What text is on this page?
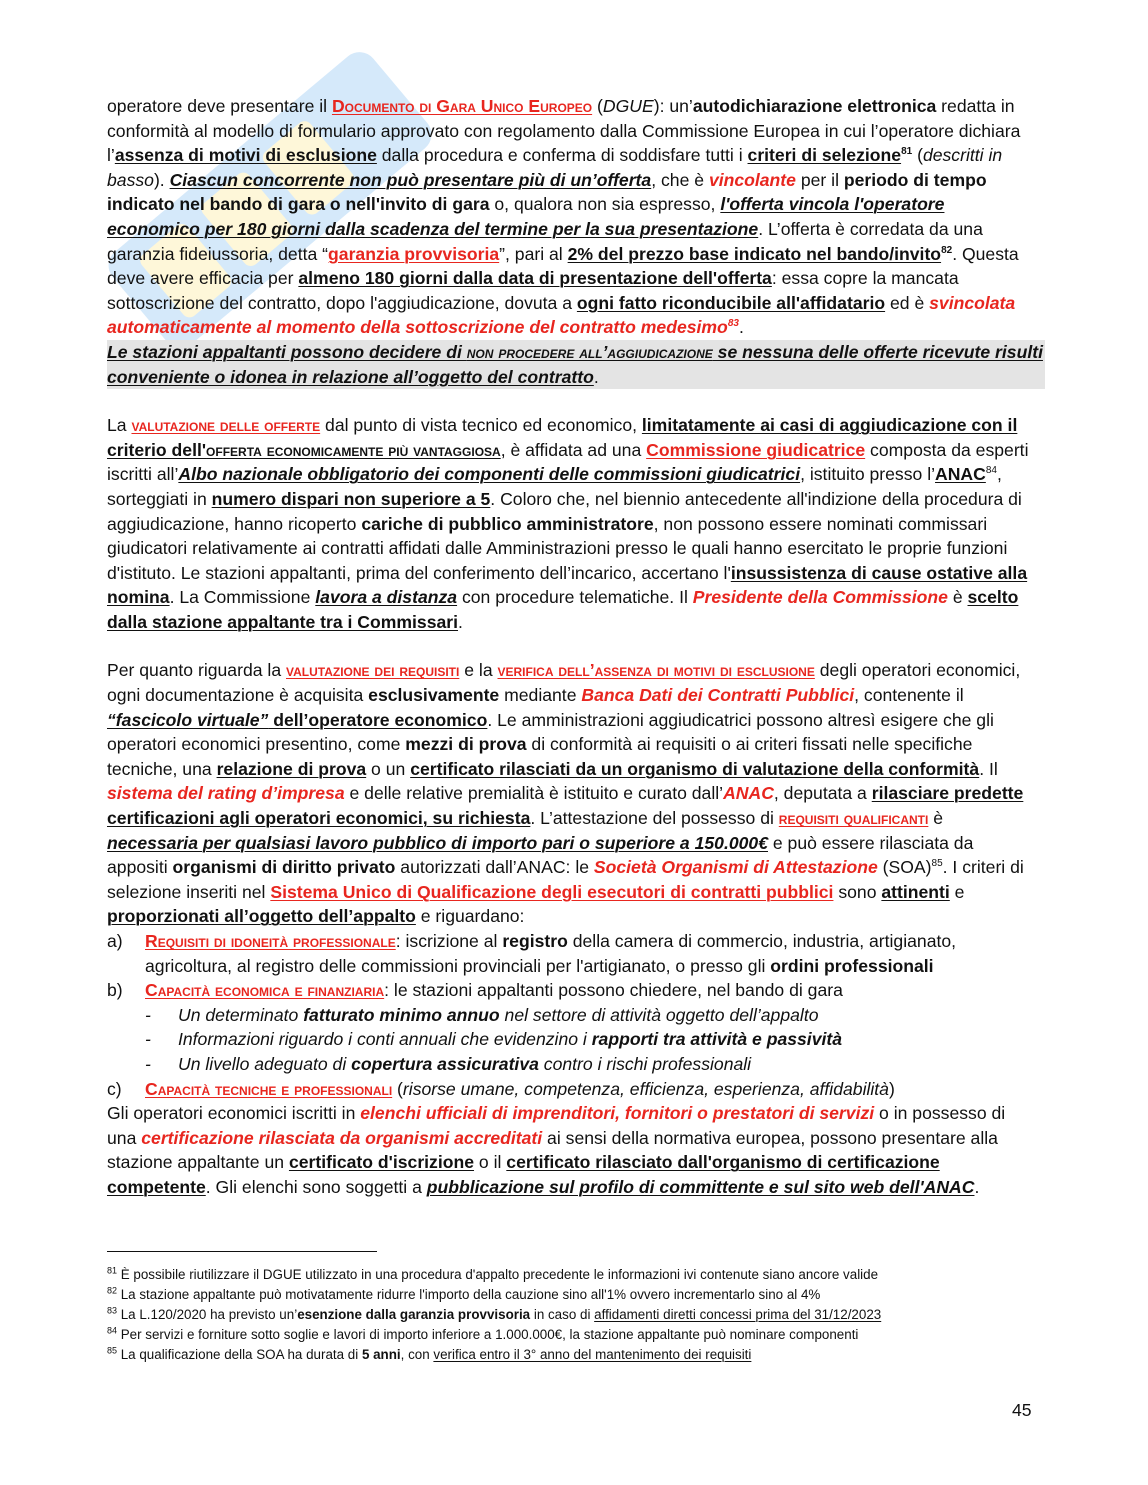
operatore deve presentare il Documento di Gara Unico Europeo (DGUE): un’autodichiarazione elettronica redatta in conformità al modello di formulario approvato con regolamento dalla Commissione Europea in cui l’operatore dichiara l’assenza di motivi di esclusione dalla procedura e conferma di soddisfare tutti i criteri di selezione$^{81}$ (descritti in basso). Ciascun concorrente non può presentare più di un’offerta, che è vincolante per il periodo di tempo indicato nel bando di gara o nell'invito di gara o, qualora non sia espresso, l'offerta vincola l'operatore economico per 180 giorni dalla scadenza del termine per la sua presentazione. L’offerta è corredata da una garanzia fideiussoria, detta “garanzia provvisoria”, pari al 2% del prezzo base indicato nel bando/invito$^{82}$. Questa deve avere efficacia per almeno 180 giorni dalla data di presentazione dell'offerta: essa copre la mancata sottoscrizione del contratto, dopo l'aggiudicazione, dovuta a ogni fatto riconducibile all'affidatario ed è svincolata automaticamente al momento della sottoscrizione del contratto medesimo$^{83}$.

Le stazioni appaltanti possono decidere di non procedere all’aggiudicazione se nessuna delle offerte ricevute risulti conveniente o idonea in relazione all’oggetto del contratto.

La valutazione delle offerte dal punto di vista tecnico ed economico, limitatamente ai casi di aggiudicazione con il criterio dell'offerta economicamente più vantaggiosa, è affidata ad una Commissione giudicatrice composta da esperti iscritti all’Albo nazionale obbligatorio dei componenti delle commissioni giudicatrici, istituito presso l’ANAC$^{84}$, sorteggiati in numero dispari non superiore a 5. Coloro che, nel biennio antecedente all'indizione della procedura di aggiudicazione, hanno ricoperto cariche di pubblico amministratore, non possono essere nominati commissari giudicatori relativamente ai contratti affidati dalle Amministrazioni presso le quali hanno esercitato le proprie funzioni d'istituto. Le stazioni appaltanti, prima del conferimento dell’incarico, accertano l'insussistenza di cause ostative alla nomina. La Commissione lavora a distanza con procedure telematiche. Il Presidente della Commissione è scelto dalla stazione appaltante tra i Commissari.

Per quanto riguarda la valutazione dei requisiti e la verifica dell’assenza di motivi di esclusione degli operatori economici, ogni documentazione è acquisita esclusivamente mediante Banca Dati dei Contratti Pubblici, contenente il “fascicolo virtuale” dell’operatore economico. Le amministrazioni aggiudicatrici possono altresì esigere che gli operatori economici presentino, come mezzi di prova di conformità ai requisiti o ai criteri fissati nelle specifiche tecniche, una relazione di prova o un certificato rilasciati da un organismo di valutazione della conformità. Il sistema del rating d’impresa e delle relative premialità è istituito e curato dall’ANAC, deputata a rilasciare predette certificazioni agli operatori economici, su richiesta. L’attestazione del possesso di requisiti qualificanti è necessaria per qualsiasi lavoro pubblico di importo pari o superiore a 150.000€ e può essere rilasciata da appositi organismi di diritto privato autorizzati dall’ANAC: le Società Organismi di Attestazione (SOA)$^{85}$. I criteri di selezione inseriti nel Sistema Unico di Qualificazione degli esecutori di contratti pubblici sono attinenti e proporzionati all’oggetto dell’appalto e riguardano:

a)	Requisiti di idoneità professionale: iscrizione al registro della camera di commercio, industria, artigianato, agricoltura, al registro delle commissioni provinciali per l'artigianato, o presso gli ordini professionali
b)	Capacità economica e finanziaria: le stazioni appaltanti possono chiedere, nel bando di gara
-	Un determinato fatturato minimo annuo nel settore di attività oggetto dell’appalto
-	Informazioni riguardo i conti annuali che evidenzino i rapporti tra attività e passività
-	Un livello adeguato di copertura assicurativa contro i rischi professionali
c)	Capacità tecniche e professionali (risorse umane, competenza, efficienza, esperienza, affidabilità)

Gli operatori economici iscritti in elenchi ufficiali di imprenditori, fornitori o prestatori di servizi o in possesso di una certificazione rilasciata da organismi accreditati ai sensi della normativa europea, possono presentare alla stazione appaltante un certificato d'iscrizione o il certificato rilasciato dall'organismo di certificazione competente. Gli elenchi sono soggetti a pubblicazione sul profilo di committente e sul sito web dell'ANAC.

$^{81}$ È possibile riutilizzare il DGUE utilizzato in una procedura d'appalto precedente le informazioni ivi contenute siano ancore valide
$^{82}$ La stazione appaltante può motivatamente ridurre l'importo della cauzione sino all'1% ovvero incrementarlo sino al 4%
$^{83}$ La L.120/2020 ha previsto un’esenzione dalla garanzia provvisoria in caso di affidamenti diretti concessi prima del 31/12/2023
$^{84}$ Per servizi e forniture sotto soglie e lavori di importo inferiore a 1.000.000€, la stazione appaltante può nominare componenti
$^{85}$ La qualificazione della SOA ha durata di 5 anni, con verifica entro il 3° anno del mantenimento dei requisiti
45
